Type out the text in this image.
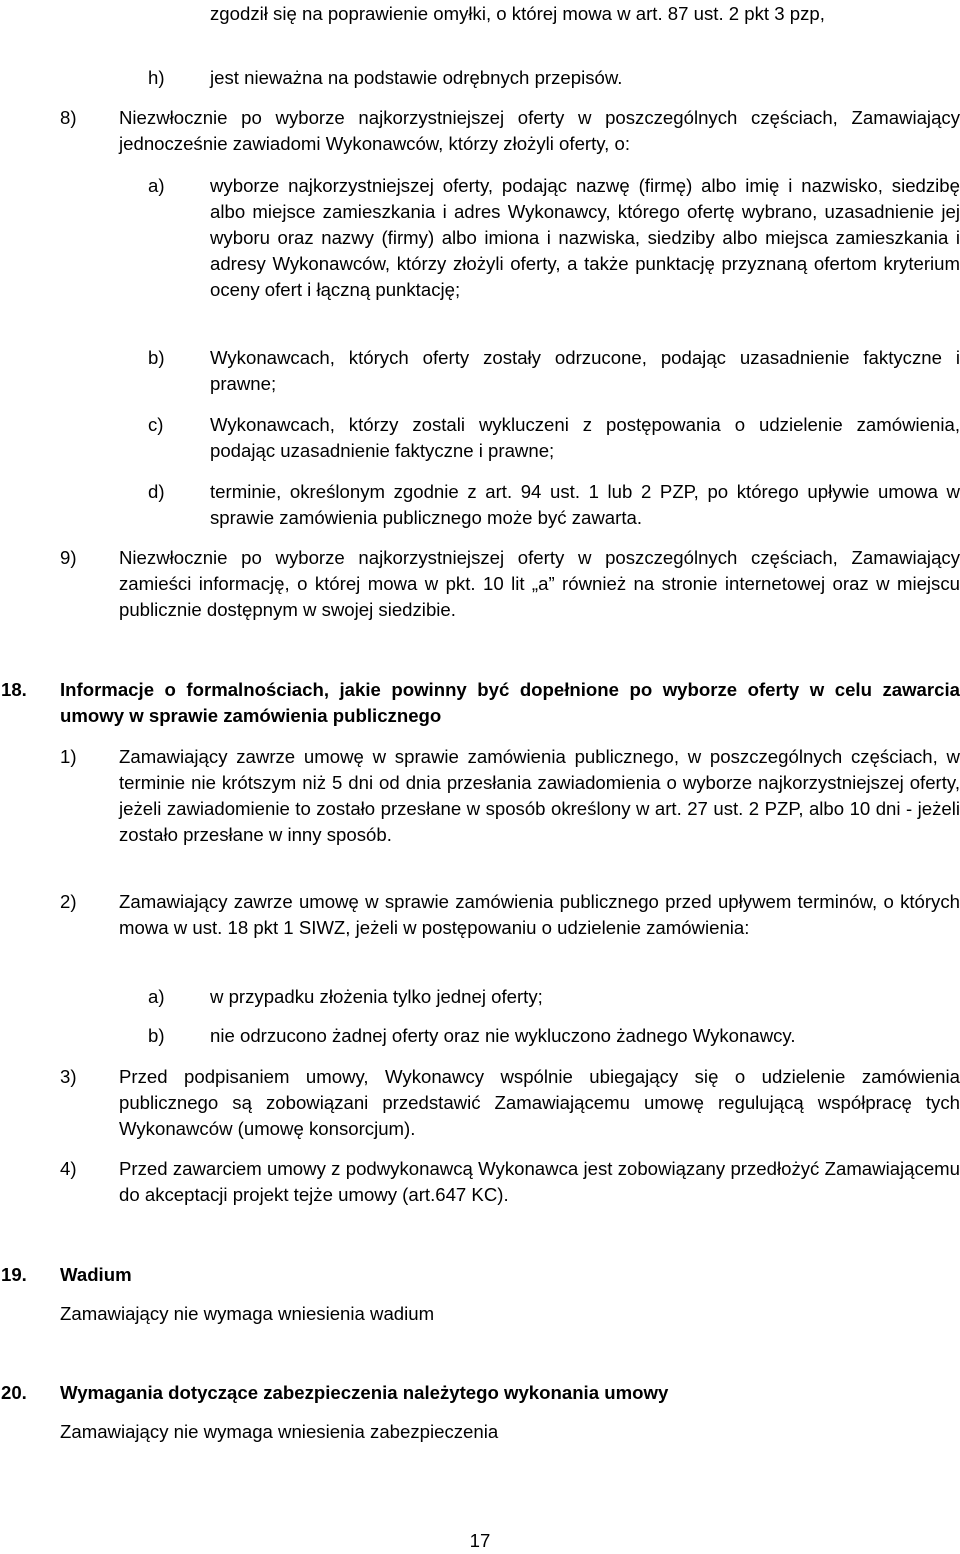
zgodził się na poprawienie omyłki, o której mowa w art. 87 ust. 2 pkt 3 pzp,
h) jest nieważna na podstawie odrębnych przepisów.
8) Niezwłocznie po wyborze najkorzystniejszej oferty w poszczególnych częściach, Zamawiający jednocześnie zawiadomi Wykonawców, którzy złożyli oferty, o:
a) wyborze najkorzystniejszej oferty, podając nazwę (firmę) albo imię i nazwisko, siedzibę albo miejsce zamieszkania i adres Wykonawcy, którego ofertę wybrano, uzasadnienie jej wyboru oraz nazwy (firmy) albo imiona i nazwiska, siedziby albo miejsca zamieszkania i adresy Wykonawców, którzy złożyli oferty, a także punktację przyznaną ofertom kryterium oceny ofert i łączną punktację;
b) Wykonawcach, których oferty zostały odrzucone, podając uzasadnienie faktyczne i prawne;
c)	Wykonawcach, którzy zostali wykluczeni z postępowania o udzielenie zamówienia, podając uzasadnienie faktyczne i prawne;
d) terminie, określonym zgodnie z art. 94 ust. 1 lub 2 PZP, po którego upływie umowa w sprawie zamówienia publicznego może być zawarta.
9) Niezwłocznie po wyborze najkorzystniejszej oferty w poszczególnych częściach, Zamawiający zamieści informację, o której mowa w pkt. 10 lit „a” również na stronie internetowej oraz w miejscu publicznie dostępnym w swojej siedzibie.
18. Informacje o formalnościach, jakie powinny być dopełnione po wyborze oferty w celu zawarcia umowy w sprawie zamówienia publicznego
1) Zamawiający zawrze umowę w sprawie zamówienia publicznego, w poszczególnych częściach, w terminie nie krótszym niż 5 dni od dnia przesłania zawiadomienia o wyborze najkorzystniejszej oferty, jeżeli zawiadomienie to zostało przesłane w sposób określony w art. 27 ust. 2 PZP, albo 10 dni - jeżeli zostało przesłane w inny sposób.
2) Zamawiający zawrze umowę w sprawie zamówienia publicznego przed upływem terminów, o których mowa w ust. 18 pkt 1 SIWZ, jeżeli w postępowaniu o udzielenie zamówienia:
a) w przypadku złożenia tylko jednej oferty;
b) nie odrzucono żadnej oferty oraz nie wykluczono żadnego Wykonawcy.
3) Przed podpisaniem umowy, Wykonawcy wspólnie ubiegający się o udzielenie zamówienia publicznego są zobowiązani przedstawić Zamawiającemu umowę regulującą współpracę tych Wykonawców (umowę konsorcjum).
4) Przed zawarciem umowy z podwykonawcą Wykonawca jest zobowiązany przedłożyć Zamawiającemu do akceptacji projekt tejże umowy (art.647 KC).
19. Wadium
Zamawiający nie wymaga wniesienia wadium
20. Wymagania dotyczące zabezpieczenia należytego wykonania umowy
Zamawiający nie wymaga wniesienia zabezpieczenia
17
